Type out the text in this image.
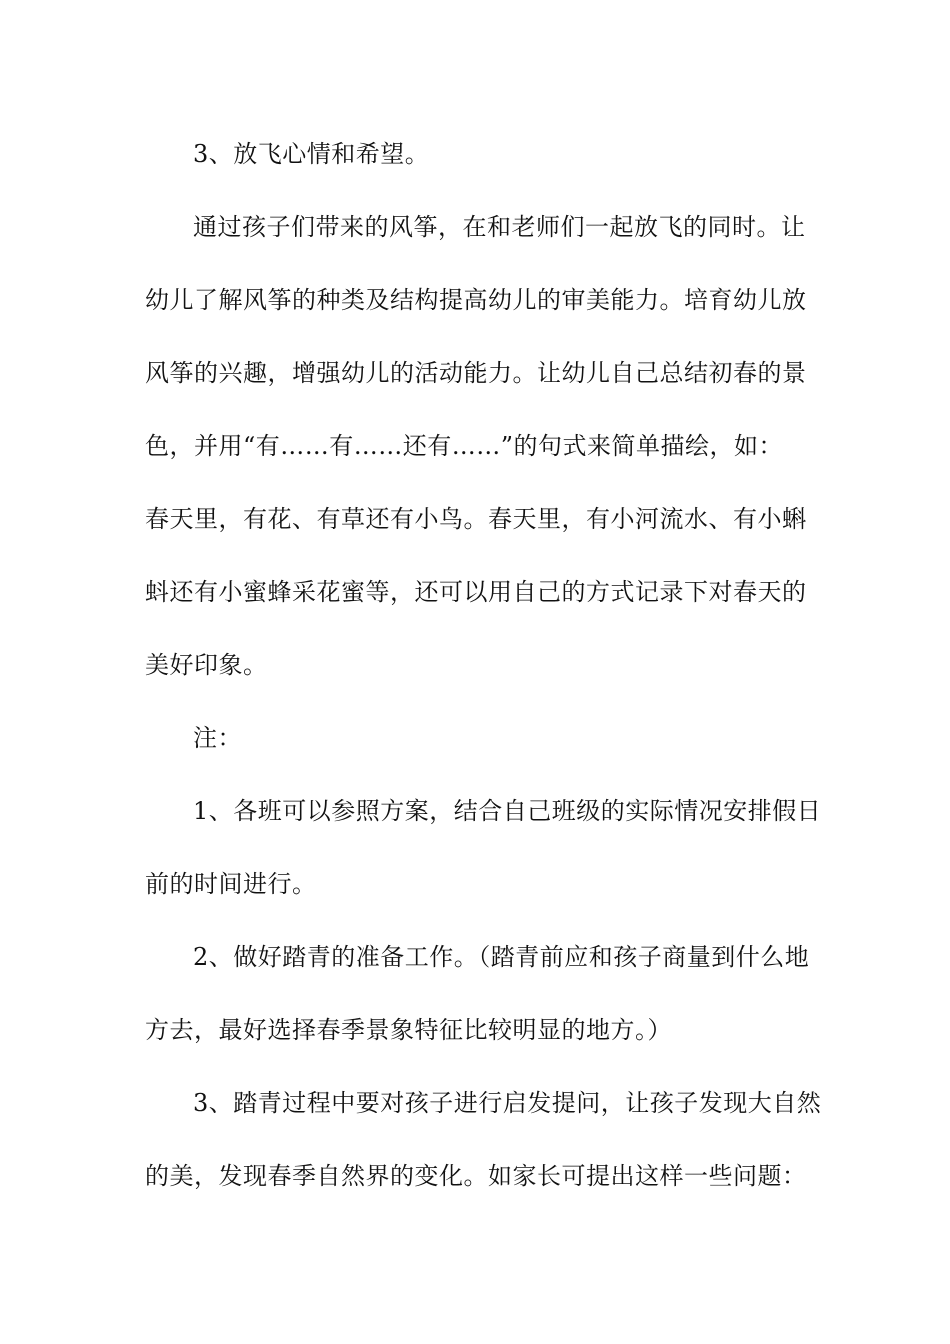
3、放飞心情和希望。
通过孩子们带来的风筝，在和老师们一起放飞的同时。让
幼儿了解风筝的种类及结构提高幼儿的审美能力。培育幼儿放
风筝的兴趣，增强幼儿的活动能力。让幼儿自己总结初春的景
色，并用“有……有……还有……”的句式来简单描绘，如：
春天里，有花、有草还有小鸟。春天里，有小河流水、有小蝌
蚪还有小蜜蜂采花蜜等，还可以用自己的方式记录下对春天的
美好印象。
注：
1、各班可以参照方案，结合自己班级的实际情况安排假日
前的时间进行。
2、做好踏青的准备工作。（踏青前应和孩子商量到什么地
方去，最好选择春季景象特征比较明显的地方。）
3、踏青过程中要对孩子进行启发提问，让孩子发现大自然
的美，发现春季自然界的变化。如家长可提出这样一些问题：
